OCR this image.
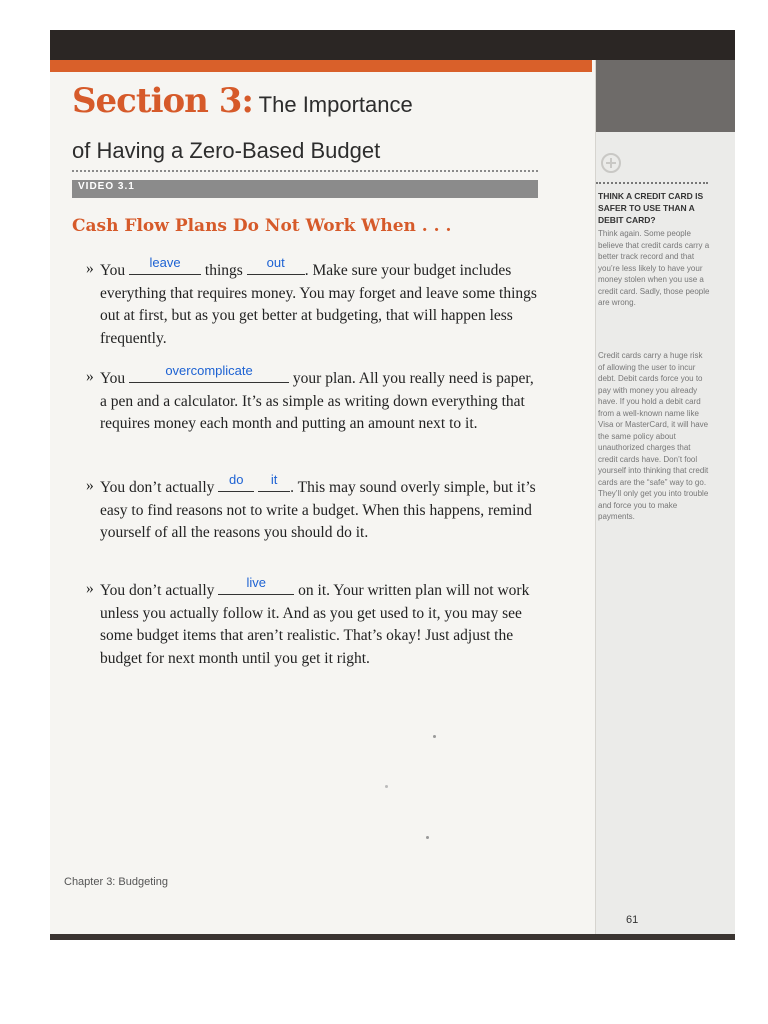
Section 3: The Importance
of Having a Zero-Based Budget
VIDEO 3.1
Cash Flow Plans Do Not Work When . . .
» You	leave	things	out	. Make sure your budget includes everything that requires money. You may forget and leave some things out at first, but as you get better at budgeting, that will happen less frequently.
» You	overcomplicate	your plan. All you really need is paper, a pen and a calculator. It’s as simple as writing down everything that requires money each month and putting an amount next to it.
» You don’t actually do
	it . This may sound overly simple, but it’s easy to find reasons not to write a budget. When this happens, remind yourself of all the reasons you should do it.
» You don’t actually	live	on it. Your written plan will not work unless you actually follow it. And as you get used to it, you may see some budget items that aren’t realistic. That’s okay! Just adjust the budget for next month until you get it right.
THINK A CREDIT CARD IS SAFER TO USE THAN A DEBIT CARD?
Think again. Some people believe that credit cards carry a better track record and that you’re less likely to have your money stolen when you use a credit card. Sadly, those people are wrong.
Credit cards carry a huge risk of allowing the user to incur debt. Debit cards force you to pay with money you already have. If you hold a debit card from a well-known name like Visa or MasterCard, it will have the same policy about unauthorized charges that credit cards have. Don’t fool yourself into thinking that credit cards are the “safe” way to go. They’ll only get you into trouble and force you to make payments.
Chapter 3: Budgeting
61
